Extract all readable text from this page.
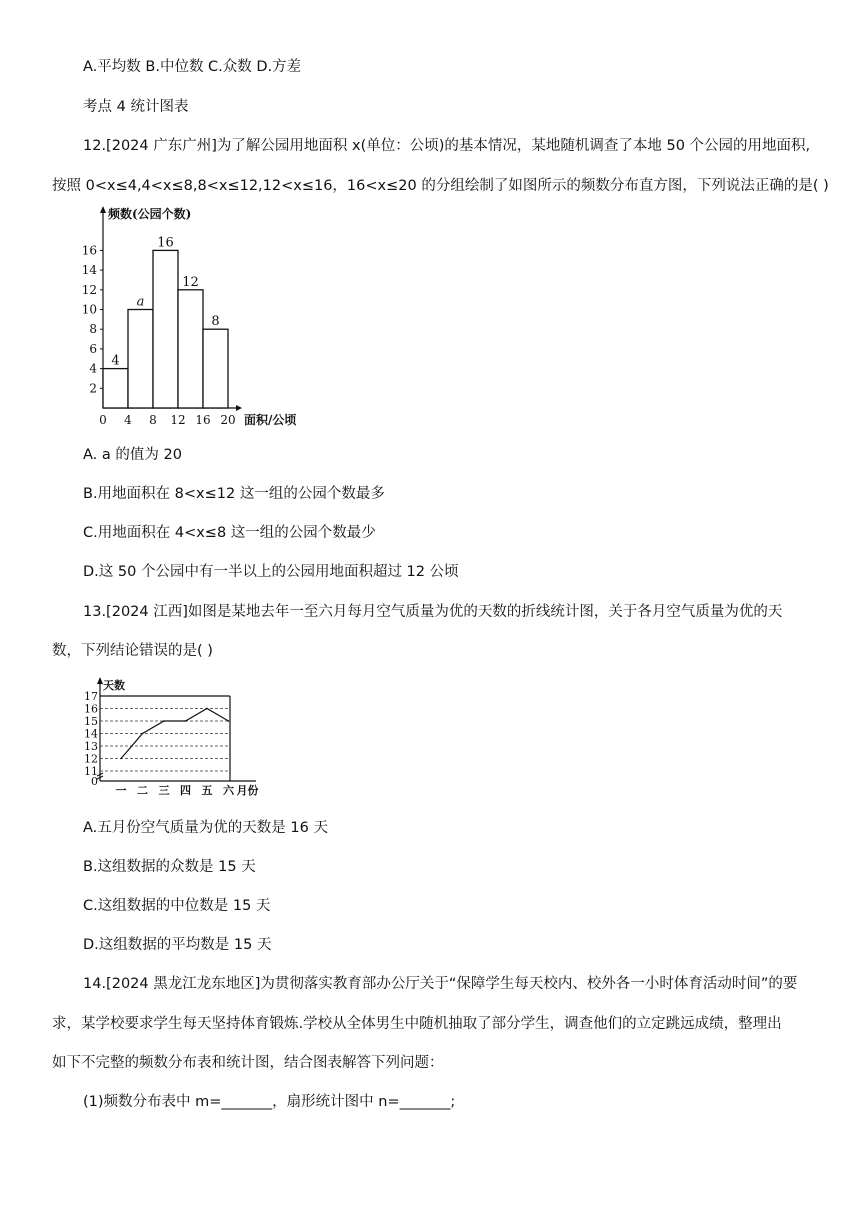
A.平均数 B.中位数 C.众数 D.方差
考点 4 统计图表
12.[2024 广东广州]为了解公园用地面积 x(单位：公顷)的基本情况，某地随机调查了本地 50 个公园的用地面积,
按照 0<x≤4,4<x≤8,8<x≤12,12<x≤16，16<x≤20 的分组绘制了如图所示的频数分布直方图，下列说法正确的是( )
频数(公园个数)
面积/公顷
2
4
6
8
10
12
14
16
0 4 8 12 16 20
4
a
16
12
8
A. a 的值为 20
B.用地面积在 8<x≤12 这一组的公园个数最多
C.用地面积在 4<x≤8 这一组的公园个数最少
D.这 50 个公园中有一半以上的公园用地面积超过 12 公顷
13.[2024 江西]如图是某地去年一至六月每月空气质量为优的天数的折线统计图，关于各月空气质量为优的天
数，下列结论错误的是( )
天数
0
11
12
13
14
15
16
17
一 二 三 四 五 六 月份
A.五月份空气质量为优的天数是 16 天
B.这组数据的众数是 15 天
C.这组数据的中位数是 15 天
D.这组数据的平均数是 15 天
14.[2024 黑龙江龙东地区]为贯彻落实教育部办公厅关于“保障学生每天校内、校外各一小时体育活动时间”的要
求，某学校要求学生每天坚持体育锻炼.学校从全体男生中随机抽取了部分学生，调查他们的立定跳远成绩，整理出
如下不完整的频数分布表和统计图，结合图表解答下列问题：
(1)频数分布表中 m=_______，扇形统计图中 n=_______;
